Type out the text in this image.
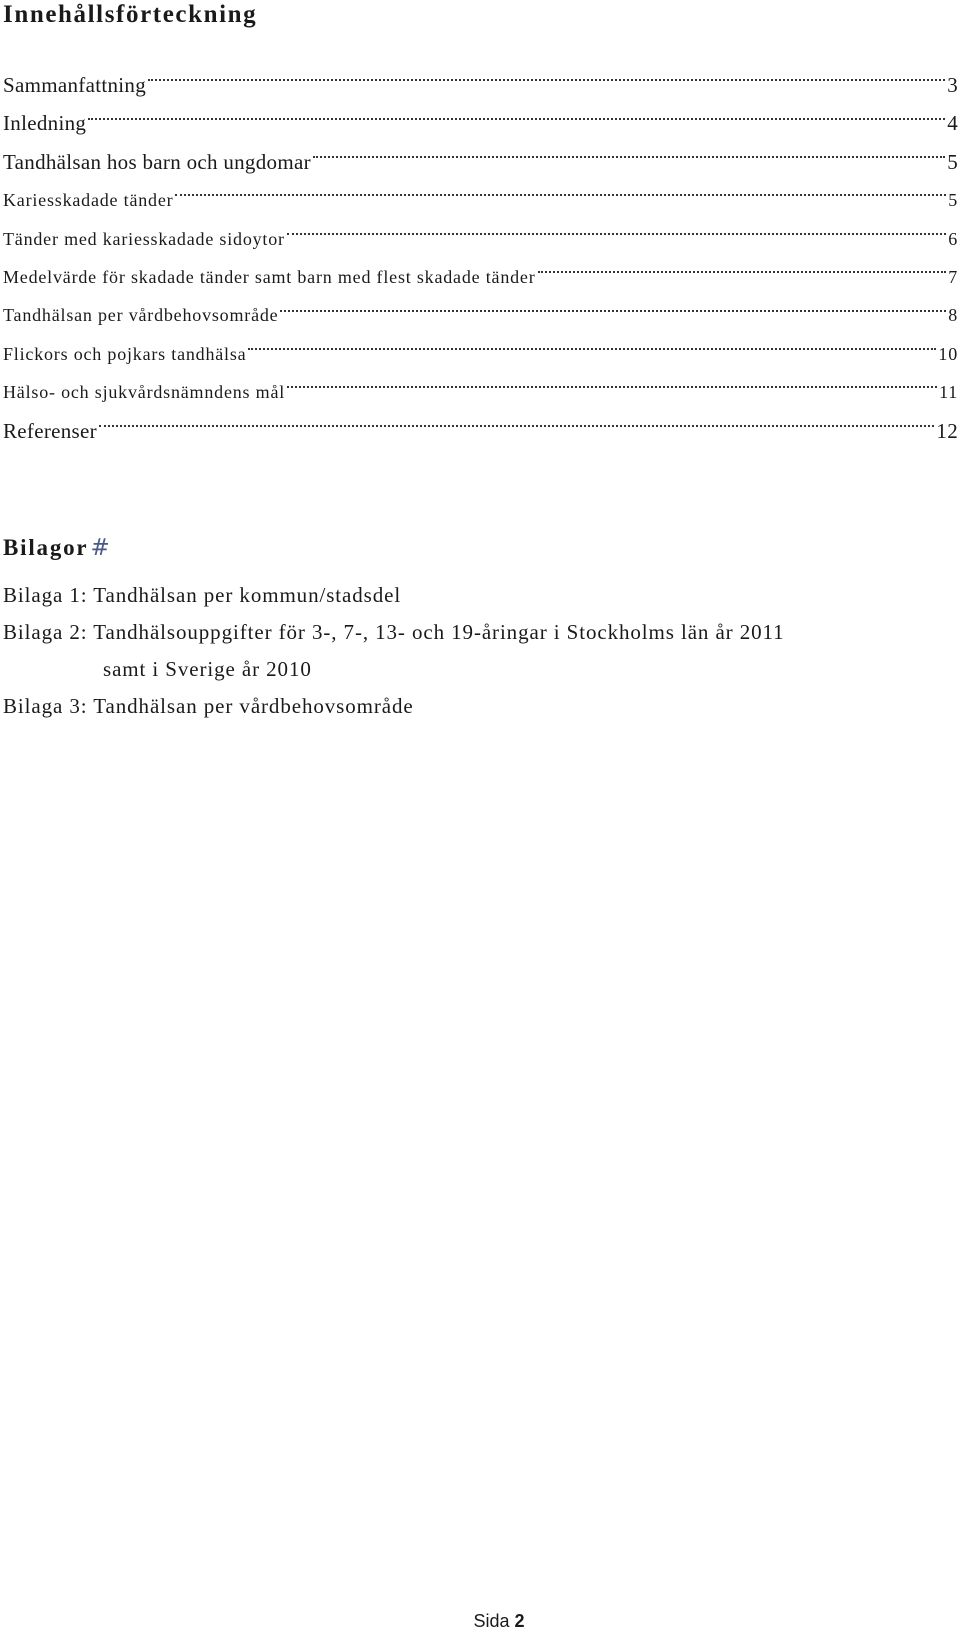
Innehållsförteckning
Sammanfattning	3
Inledning	4
Tandhälsan hos barn och ungdomar	5
Kariesskadade tänder	5
Tänder med kariesskadade sidoytor	6
Medelvärde för skadade tänder samt barn med flest skadade tänder	7
Tandhälsan per vårdbehovsområde	8
Flickors och pojkars tandhälsa	10
Hälso- och sjukvårdsnämndens mål	11
Referenser	12
Bilagor#
Bilaga 1: Tandhälsan per kommun/stadsdel
Bilaga 2: Tandhälsouppgifter för 3-, 7-, 13- och 19-åringar i Stockholms län år 2011
samt i Sverige år 2010
Bilaga 3: Tandhälsan per vårdbehovsområde
Sida 2
